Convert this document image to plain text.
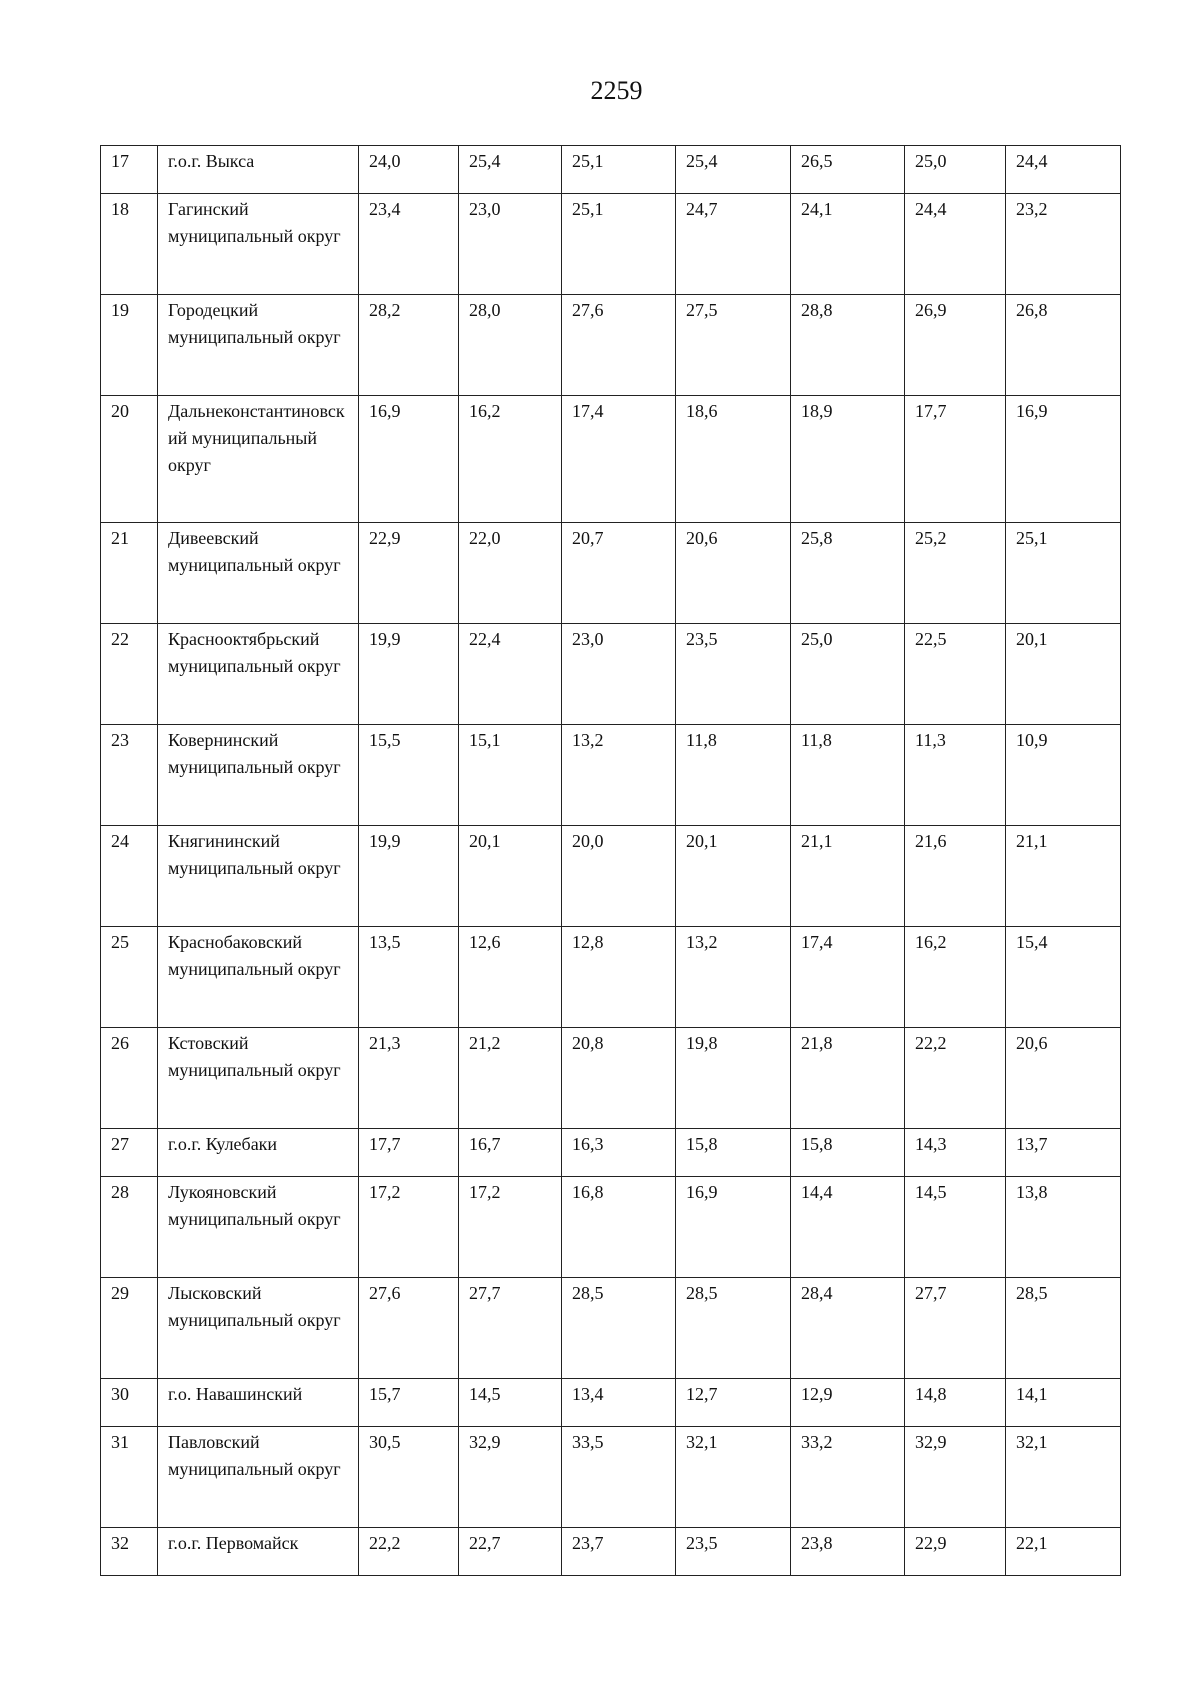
2259
17	г.о.г. Выкса	24,0	25,4	25,1	25,4	26,5	25,0	24,4
18	Гагинский муниципальный округ	23,4	23,0	25,1	24,7	24,1	24,4	23,2
19	Городецкий муниципальный округ	28,2	28,0	27,6	27,5	28,8	26,9	26,8
20	Дальнеконстантиновский муниципальный округ	16,9	16,2	17,4	18,6	18,9	17,7	16,9
21	Дивеевский муниципальный округ	22,9	22,0	20,7	20,6	25,8	25,2	25,1
22	Краснооктябрьский муниципальный округ	19,9	22,4	23,0	23,5	25,0	22,5	20,1
23	Ковернинский муниципальный округ	15,5	15,1	13,2	11,8	11,8	11,3	10,9
24	Княгининский муниципальный округ	19,9	20,1	20,0	20,1	21,1	21,6	21,1
25	Краснобаковский муниципальный округ	13,5	12,6	12,8	13,2	17,4	16,2	15,4
26	Кстовский муниципальный округ	21,3	21,2	20,8	19,8	21,8	22,2	20,6
27	г.о.г. Кулебаки	17,7	16,7	16,3	15,8	15,8	14,3	13,7
28	Лукояновский муниципальный округ	17,2	17,2	16,8	16,9	14,4	14,5	13,8
29	Лысковский муниципальный округ	27,6	27,7	28,5	28,5	28,4	27,7	28,5
30	г.о. Навашинский	15,7	14,5	13,4	12,7	12,9	14,8	14,1
31	Павловский муниципальный округ	30,5	32,9	33,5	32,1	33,2	32,9	32,1
32	г.о.г. Первомайск	22,2	22,7	23,7	23,5	23,8	22,9	22,1
